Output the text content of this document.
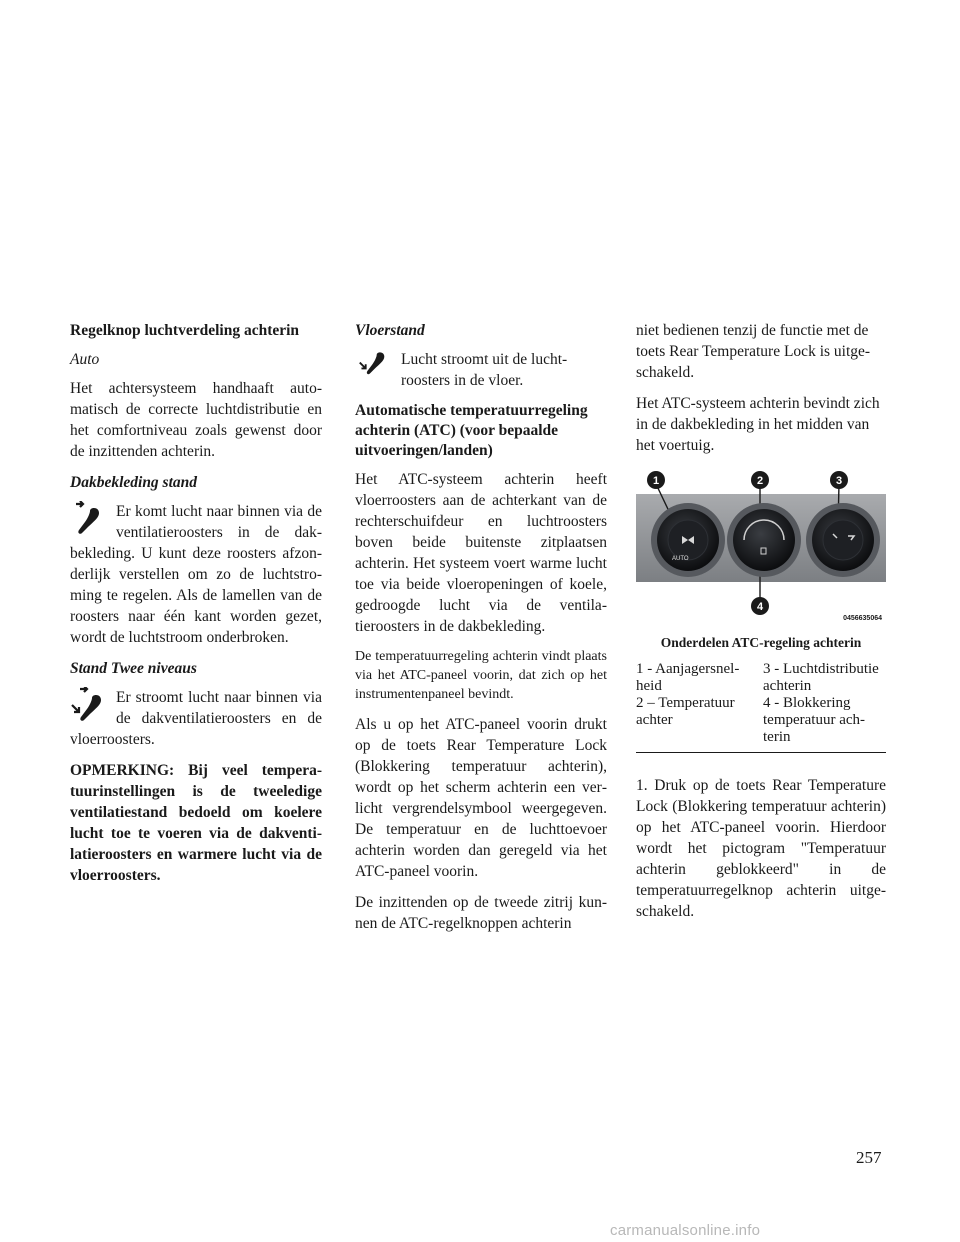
Regelknop luchtverdeling achterin

Auto

Het achtersysteem handhaaft automatisch de correcte luchtdistributie en het comfortniveau zoals gewenst door de inzittenden achterin.

Dakbekleding stand

Er komt lucht naar binnen via de ventilatieroosters in de dakbekleding. U kunt deze roosters afzonderlijk verstellen om zo de luchtstroming te regelen. Als de lamellen van de roosters naar één kant worden gezet, wordt de luchtstroom onderbroken.

Stand Twee niveaus

Er stroomt lucht naar binnen via de dakventilatieroosters en de vloerroosters.

OPMERKING: Bij veel temperatuurinstellingen is de tweeledige ventilatiestand bedoeld om koelere lucht toe te voeren via de dakventilatieroosters en warmere lucht via de vloerroosters.

Vloerstand

Lucht stroomt uit de luchtroosters in de vloer.

Automatische temperatuurregeling achterin (ATC) (voor bepaalde uitvoeringen/landen)

Het ATC-systeem achterin heeft vloerroosters aan de achterkant van de rechterschuifdeur en luchtroosters boven beide buitenste zitplaatsen achterin. Het systeem voert warme lucht toe via beide vloeropeningen of koele, gedroogde lucht via de ventilatieroosters in de dakbekleding.

De temperatuurregeling achterin vindt plaats via het ATC-paneel voorin, dat zich op het instrumentenpaneel bevindt.

Als u op het ATC-paneel voorin drukt op de toets Rear Temperature Lock (Blokkering temperatuur achterin), wordt op het scherm achterin een verlicht vergrendelsymbool weergegeven. De temperatuur en de luchttoevoer achterin worden dan geregeld via het ATC-paneel voorin.

De inzittenden op de tweede zitrij kunnen de ATC-regelknoppen achterin

niet bedienen tenzij de functie met de toets Rear Temperature Lock is uitgeschakeld.

Het ATC-systeem achterin bevindt zich in de dakbekleding in het midden van het voertuig.

AUTO
1	2	3
4
0456635064

Onderdelen ATC-regeling achterin

1 - Aanjagersnelheid
3 - Luchtdistributie achterin
2 – Temperatuur achter
4 - Blokkering temperatuur achterin

1. Druk op de toets Rear Temperature Lock (Blokkering temperatuur achterin) op het ATC-paneel voorin. Hierdoor wordt het pictogram "Temperatuur achterin geblokkeerd" in de temperatuurregelknop achterin uitgeschakeld.

257
carmanualsonline.info
